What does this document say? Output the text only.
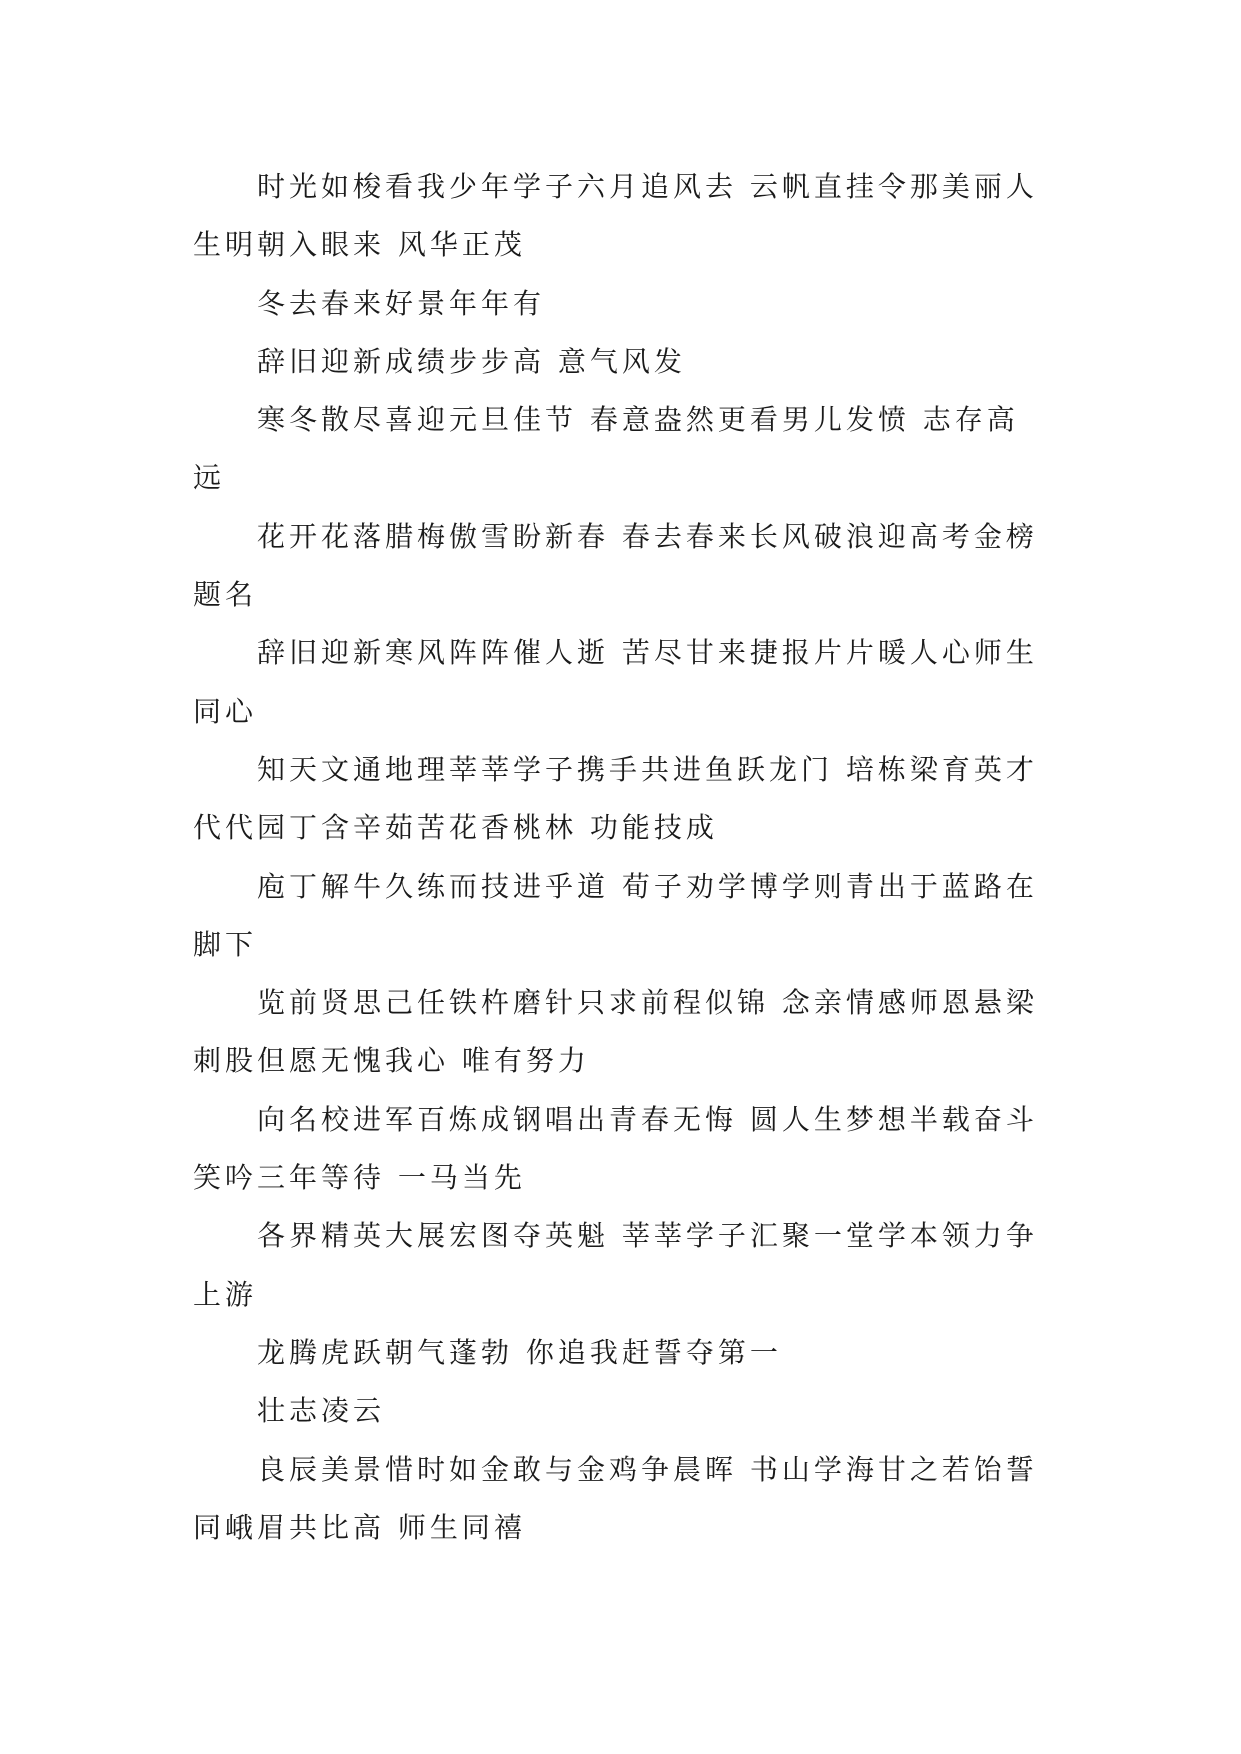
时光如梭看我少年学子六月追风去 云帆直挂令那美丽人生明朝入眼来 风华正茂

冬去春来好景年年有

辞旧迎新成绩步步高 意气风发

寒冬散尽喜迎元旦佳节 春意盎然更看男儿发愤 志存高远

花开花落腊梅傲雪盼新春 春去春来长风破浪迎高考金榜题名

辞旧迎新寒风阵阵催人逝 苦尽甘来捷报片片暖人心师生同心

知天文通地理莘莘学子携手共进鱼跃龙门 培栋梁育英才代代园丁含辛茹苦花香桃林 功能技成

庖丁解牛久练而技进乎道 荀子劝学博学则青出于蓝路在脚下

览前贤思己任铁杵磨针只求前程似锦 念亲情感师恩悬梁刺股但愿无愧我心 唯有努力

向名校进军百炼成钢唱出青春无悔 圆人生梦想半载奋斗笑吟三年等待 一马当先

各界精英大展宏图夺英魁 莘莘学子汇聚一堂学本领力争上游

龙腾虎跃朝气蓬勃 你追我赶誓夺第一

壮志凌云

良辰美景惜时如金敢与金鸡争晨晖 书山学海甘之若饴誓同峨眉共比高 师生同禧
